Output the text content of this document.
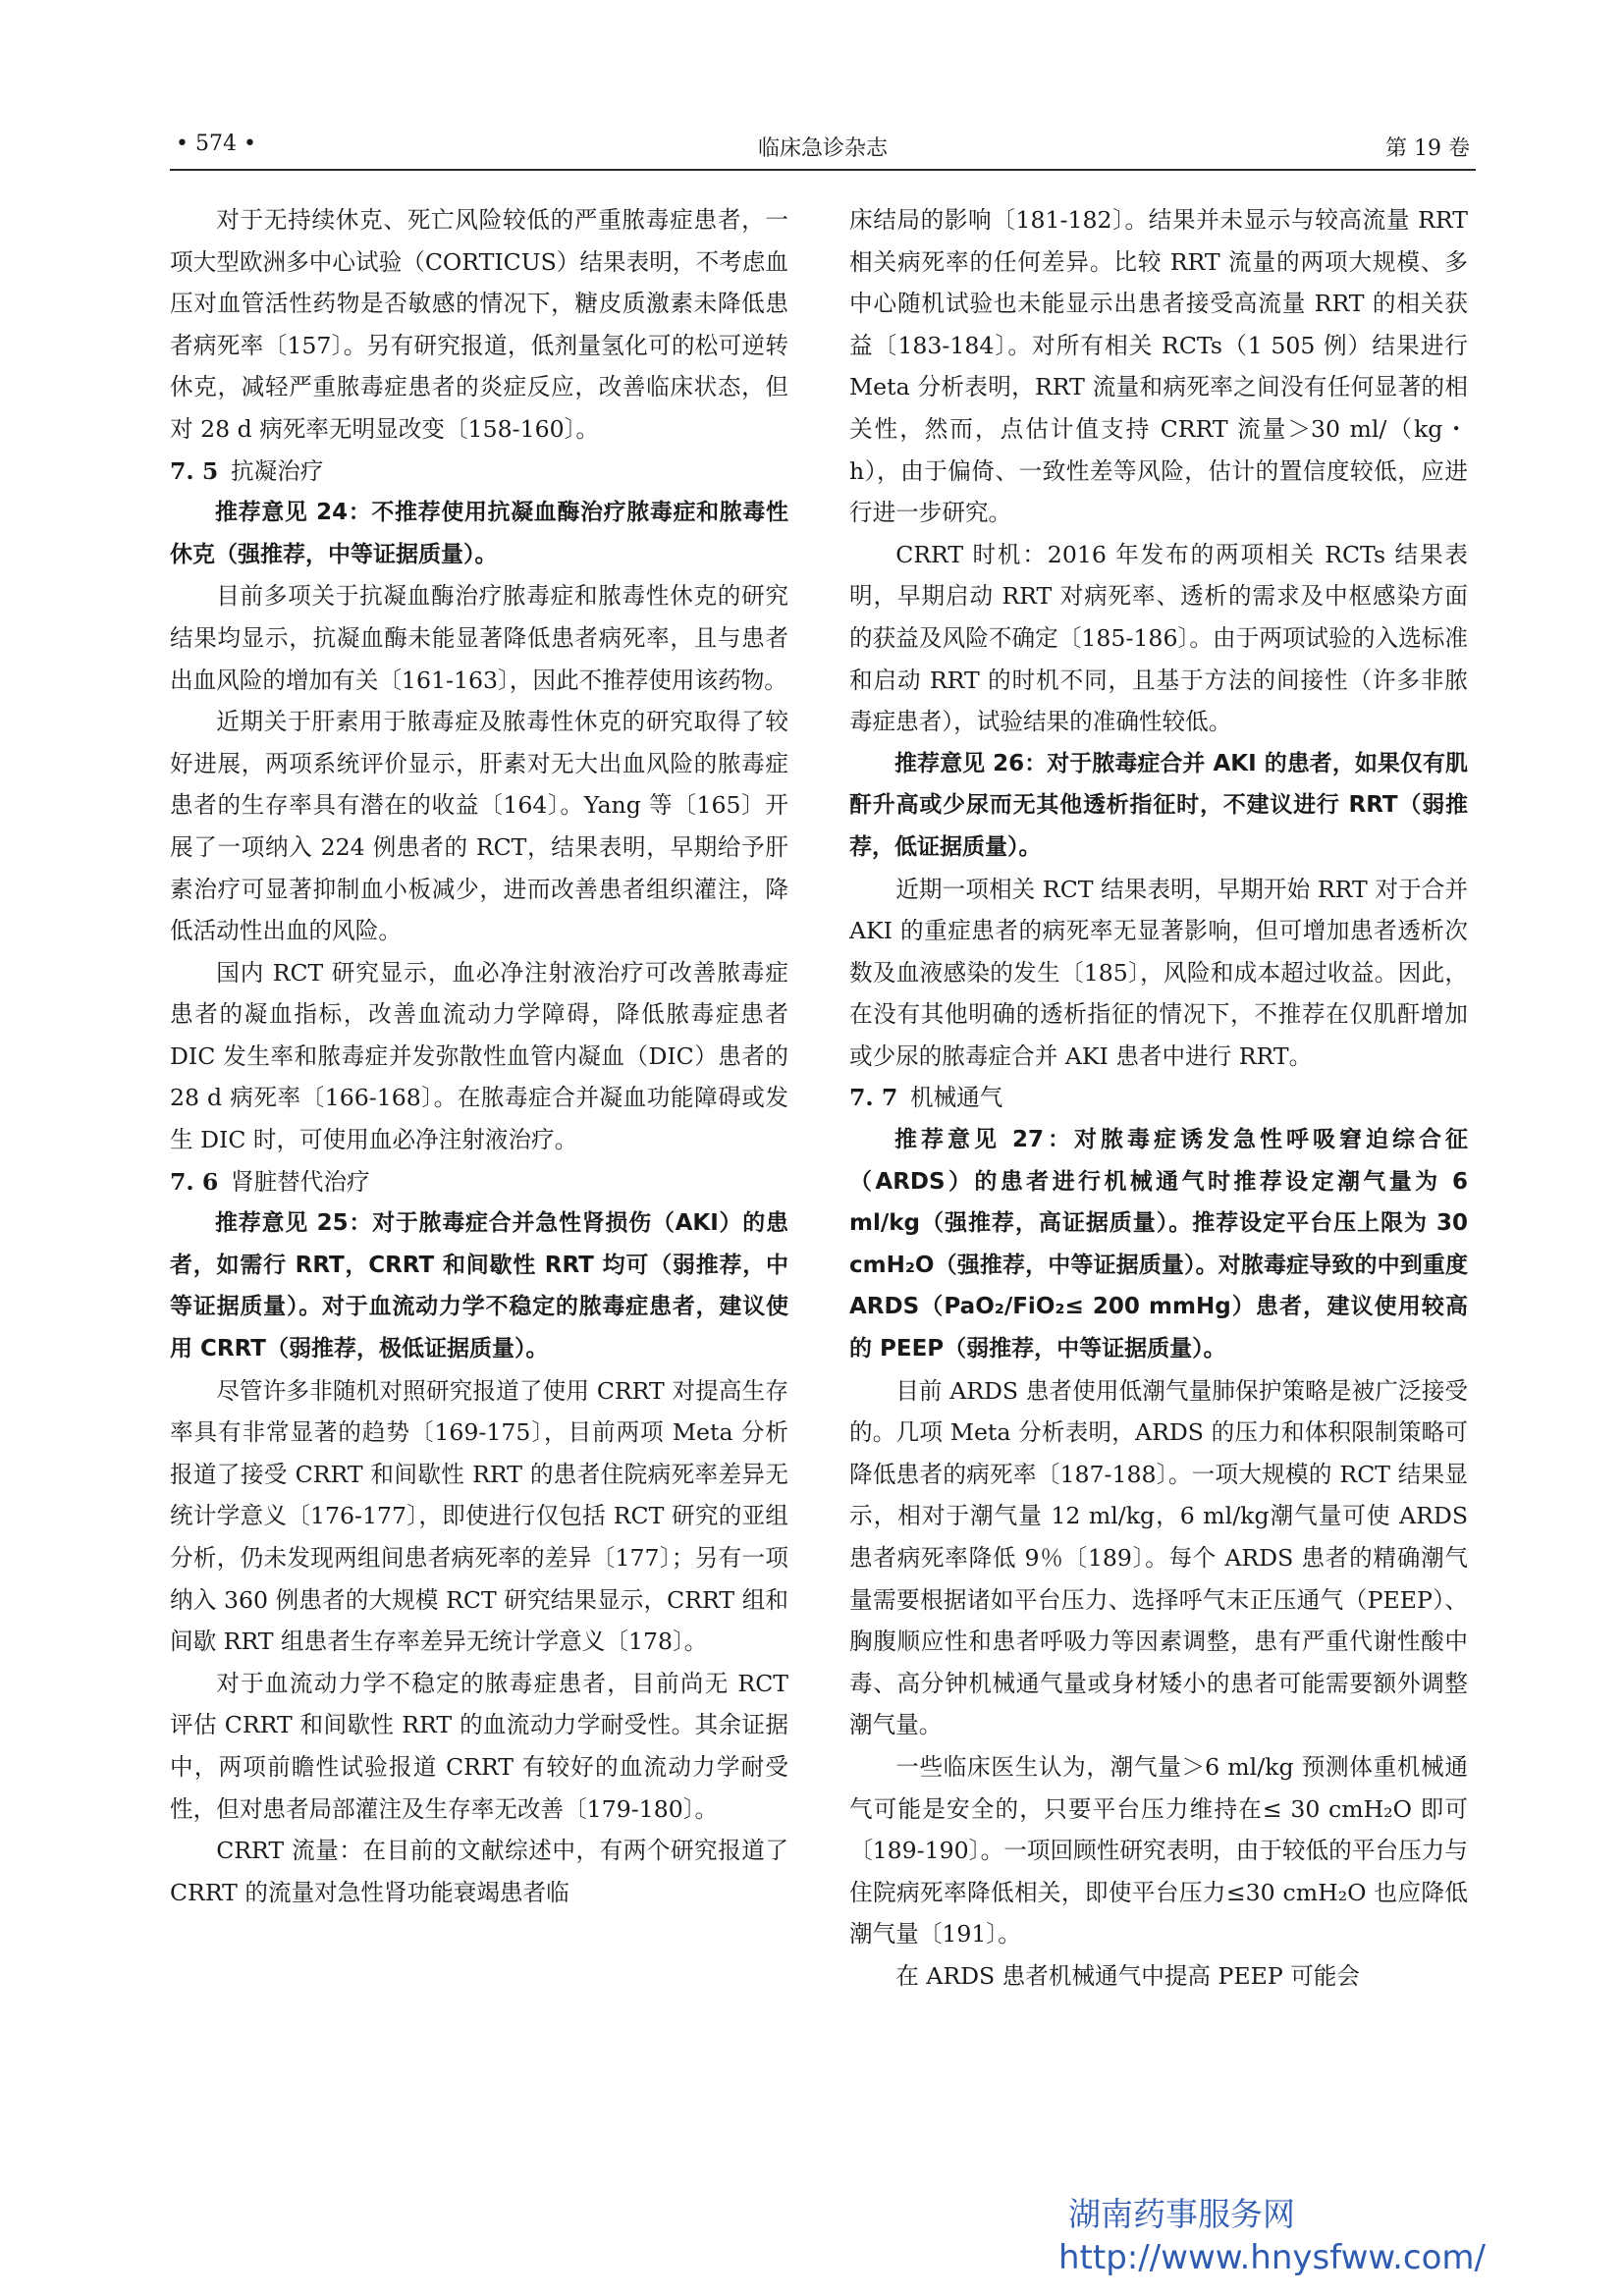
• 574 •	临床急诊杂志	第 19 卷

对于无持续休克、死亡风险较低的严重脓毒症患者，一项大型欧洲多中心试验（CORTICUS）结果表明，不考虑血压对血管活性药物是否敏感的情况下，糖皮质激素未降低患者病死率〔157〕。另有研究报道，低剂量氢化可的松可逆转休克，减轻严重脓毒症患者的炎症反应，改善临床状态，但对 28 d 病死率无明显改变〔158-160〕。

7. 5 抗凝治疗

推荐意见 24：不推荐使用抗凝血酶治疗脓毒症和脓毒性休克（强推荐，中等证据质量）。

目前多项关于抗凝血酶治疗脓毒症和脓毒性休克的研究结果均显示，抗凝血酶未能显著降低患者病死率，且与患者出血风险的增加有关〔161-163〕，因此不推荐使用该药物。

近期关于肝素用于脓毒症及脓毒性休克的研究取得了较好进展，两项系统评价显示，肝素对无大出血风险的脓毒症患者的生存率具有潜在的收益〔164〕。Yang 等〔165〕开展了一项纳入 224 例患者的 RCT，结果表明，早期给予肝素治疗可显著抑制血小板减少，进而改善患者组织灌注，降低活动性出血的风险。

国内 RCT 研究显示，血必净注射液治疗可改善脓毒症患者的凝血指标，改善血流动力学障碍，降低脓毒症患者 DIC 发生率和脓毒症并发弥散性血管内凝血（DIC）患者的 28 d 病死率〔166-168〕。在脓毒症合并凝血功能障碍或发生 DIC 时，可使用血必净注射液治疗。

7. 6 肾脏替代治疗

推荐意见 25：对于脓毒症合并急性肾损伤（AKI）的患者，如需行 RRT，CRRT 和间歇性 RRT 均可（弱推荐，中等证据质量）。对于血流动力学不稳定的脓毒症患者，建议使用 CRRT（弱推荐，极低证据质量）。

尽管许多非随机对照研究报道了使用 CRRT 对提高生存率具有非常显著的趋势〔169-175〕，目前两项 Meta 分析报道了接受 CRRT 和间歇性 RRT 的患者住院病死率差异无统计学意义〔176-177〕，即使进行仅包括 RCT 研究的亚组分析，仍未发现两组间患者病死率的差异〔177〕；另有一项纳入 360 例患者的大规模 RCT 研究结果显示，CRRT 组和间歇 RRT 组患者生存率差异无统计学意义〔178〕。

对于血流动力学不稳定的脓毒症患者，目前尚无 RCT 评估 CRRT 和间歇性 RRT 的血流动力学耐受性。其余证据中，两项前瞻性试验报道 CRRT 有较好的血流动力学耐受性，但对患者局部灌注及生存率无改善〔179-180〕。

CRRT 流量：在目前的文献综述中，有两个研究报道了 CRRT 的流量对急性肾功能衰竭患者临

床结局的影响〔181-182〕。结果并未显示与较高流量 RRT 相关病死率的任何差异。比较 RRT 流量的两项大规模、多中心随机试验也未能显示出患者接受高流量 RRT 的相关获益〔183-184〕。对所有相关 RCTs（1 505 例）结果进行 Meta 分析表明，RRT 流量和病死率之间没有任何显著的相关性，然而，点估计值支持 CRRT 流量＞30 ml/（kg・h），由于偏倚、一致性差等风险，估计的置信度较低，应进行进一步研究。

CRRT 时机：2016 年发布的两项相关 RCTs 结果表明，早期启动 RRT 对病死率、透析的需求及中枢感染方面的获益及风险不确定〔185-186〕。由于两项试验的入选标准和启动 RRT 的时机不同，且基于方法的间接性（许多非脓毒症患者），试验结果的准确性较低。

推荐意见 26：对于脓毒症合并 AKI 的患者，如果仅有肌酐升高或少尿而无其他透析指征时，不建议进行 RRT（弱推荐，低证据质量）。

近期一项相关 RCT 结果表明，早期开始 RRT 对于合并 AKI 的重症患者的病死率无显著影响，但可增加患者透析次数及血液感染的发生〔185〕，风险和成本超过收益。因此，在没有其他明确的透析指征的情况下，不推荐在仅肌酐增加或少尿的脓毒症合并 AKI 患者中进行 RRT。

7. 7 机械通气

推荐意见 27：对脓毒症诱发急性呼吸窘迫综合征（ARDS）的患者进行机械通气时推荐设定潮气量为 6 ml/kg（强推荐，高证据质量）。推荐设定平台压上限为 30 cmH₂O（强推荐，中等证据质量）。对脓毒症导致的中到重度 ARDS（PaO₂/FiO₂≤ 200 mmHg）患者，建议使用较高的 PEEP（弱推荐，中等证据质量）。

目前 ARDS 患者使用低潮气量肺保护策略是被广泛接受的。几项 Meta 分析表明，ARDS 的压力和体积限制策略可降低患者的病死率〔187-188〕。一项大规模的 RCT 结果显示，相对于潮气量 12 ml/kg，6 ml/kg潮气量可使 ARDS 患者病死率降低 9％〔189〕。每个 ARDS 患者的精确潮气量需要根据诸如平台压力、选择呼气末正压通气（PEEP）、胸腹顺应性和患者呼吸力等因素调整，患有严重代谢性酸中毒、高分钟机械通气量或身材矮小的患者可能需要额外调整潮气量。

一些临床医生认为，潮气量＞6 ml/kg 预测体重机械通气可能是安全的，只要平台压力维持在≤ 30 cmH₂O 即可〔189-190〕。一项回顾性研究表明，由于较低的平台压力与住院病死率降低相关，即使平台压力≤30 cmH₂O 也应降低潮气量〔191〕。

在 ARDS 患者机械通气中提高 PEEP 可能会

湖南药事服务网
http://www.hnysfww.com/
